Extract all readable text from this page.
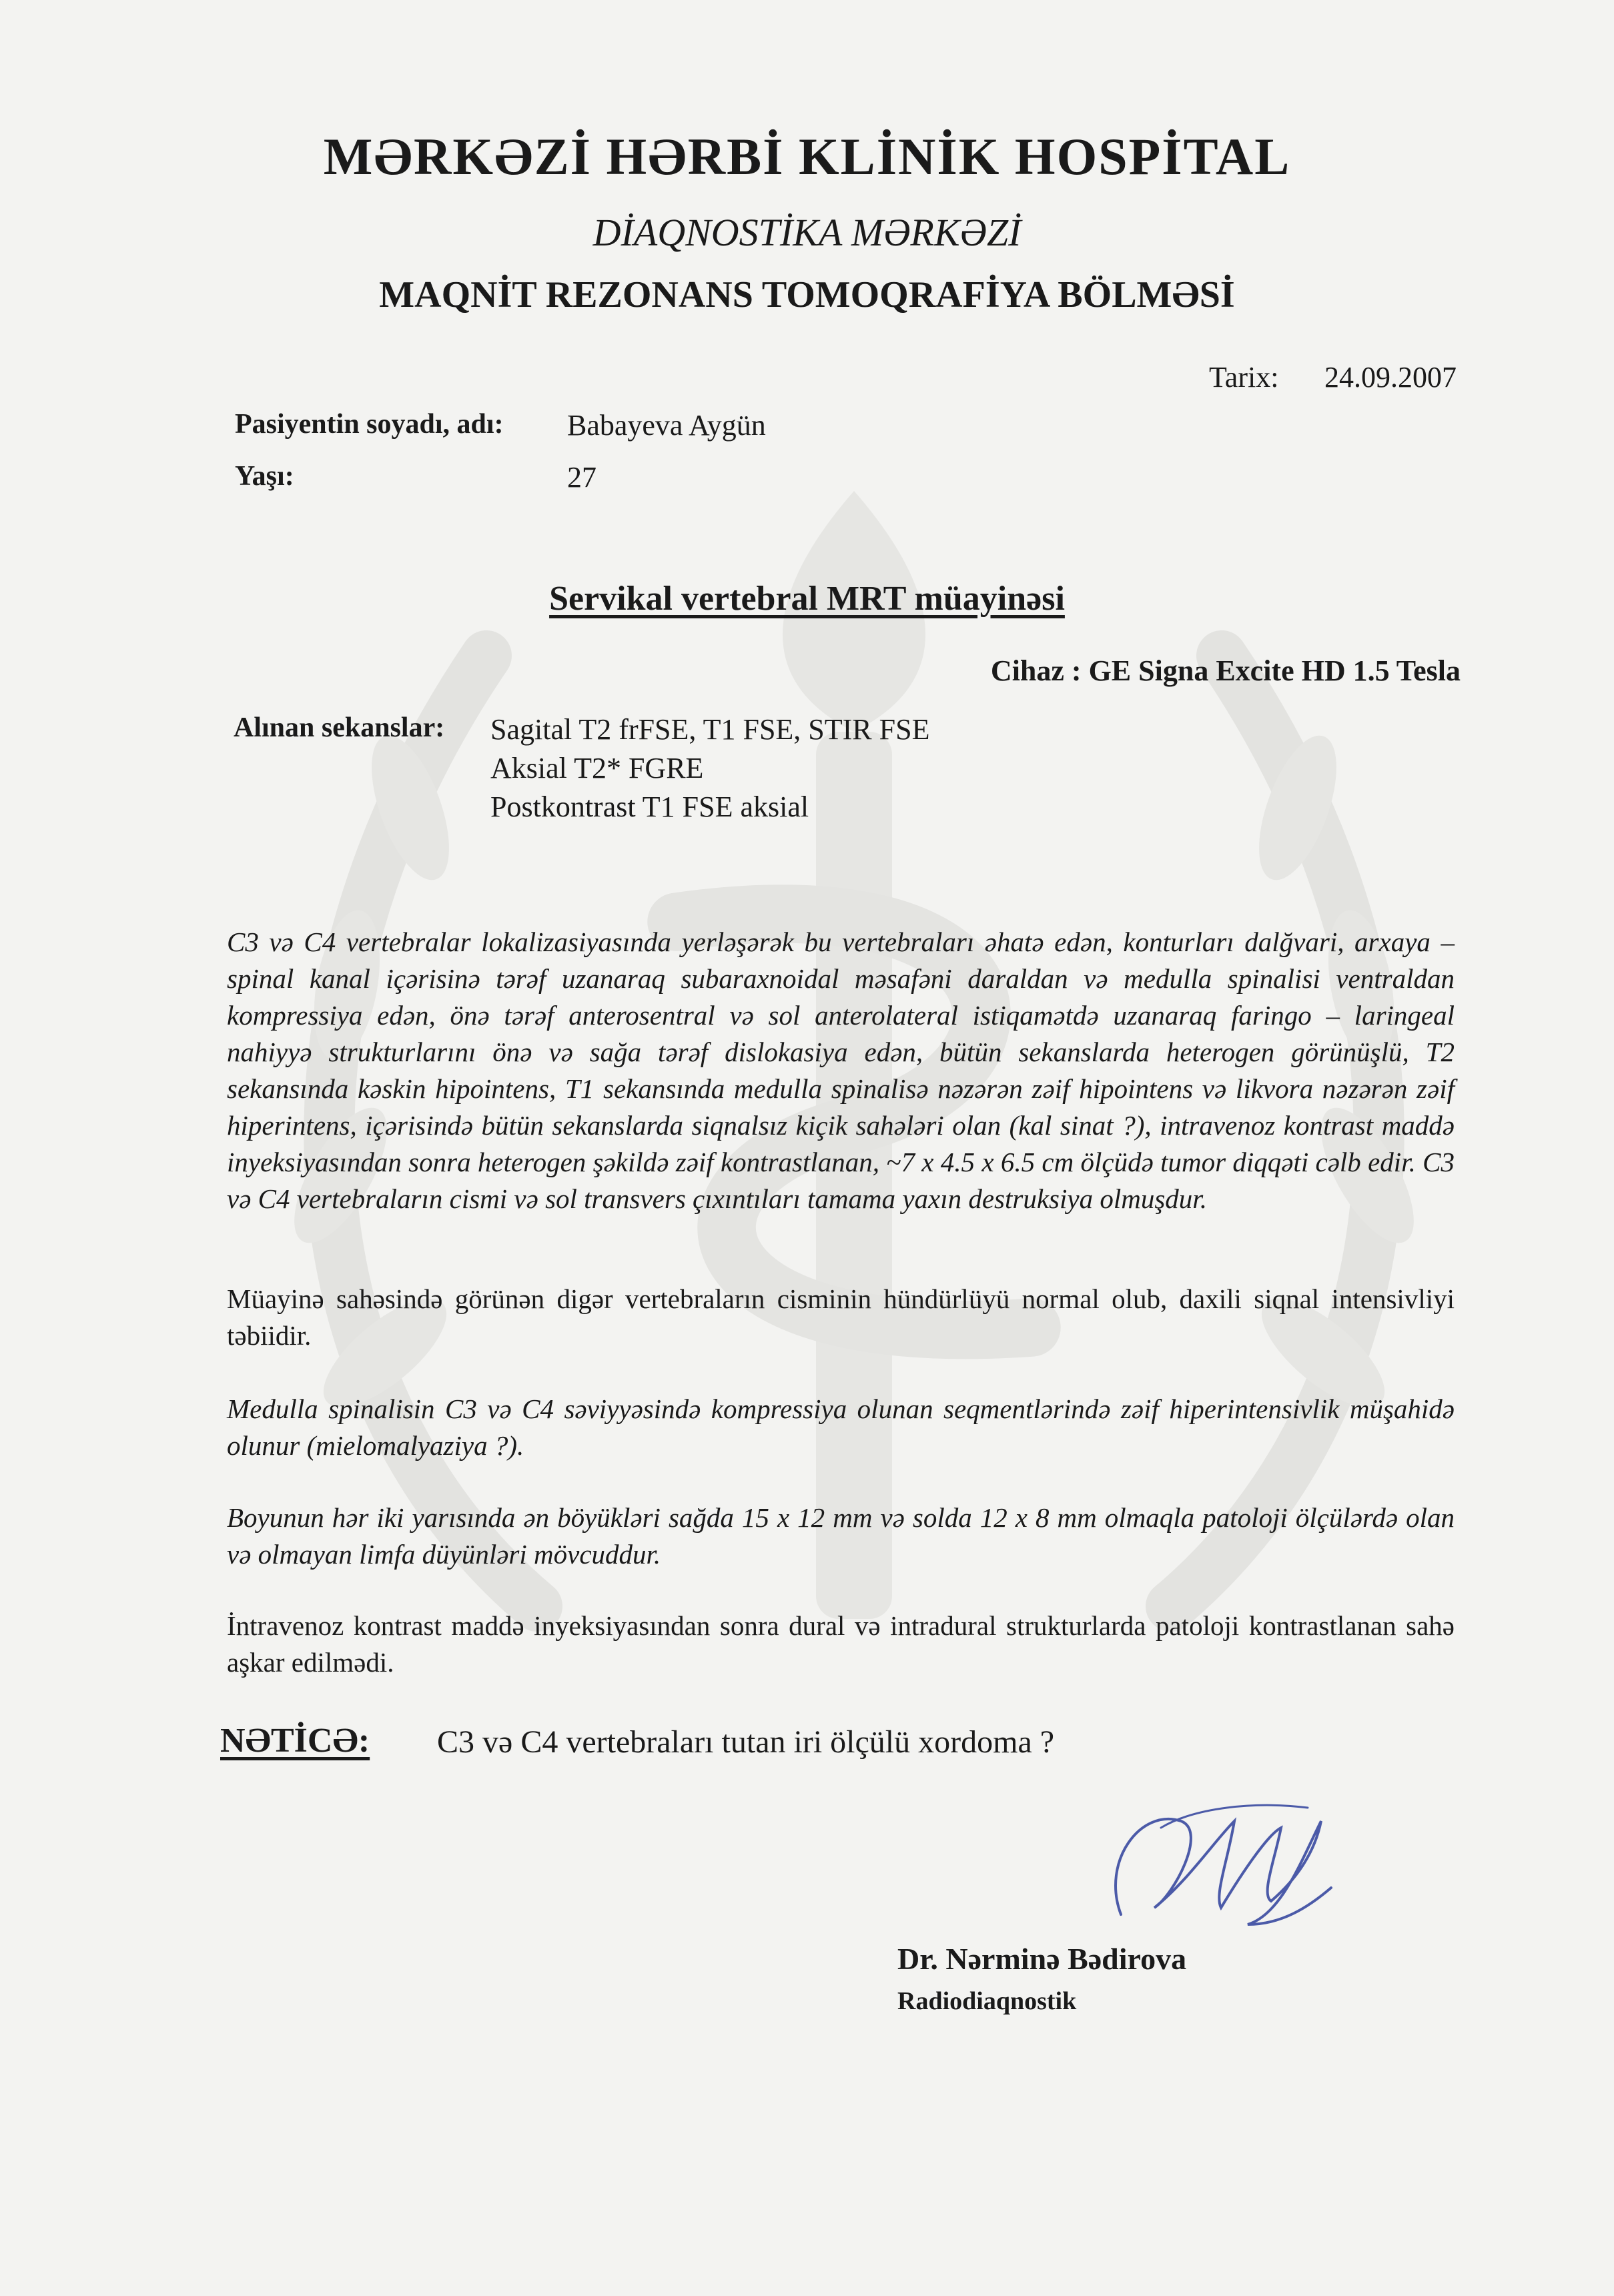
MƏRKƏZİ HƏRBİ KLİNİK HOSPİTAL
DİAQNOSTİKA MƏRKƏZİ
MAQNİT REZONANS TOMOQRAFİYA BÖLMƏSİ
Tarix: 24.09.2007
Pasiyentin soyadı, adı: Babayeva Aygün
Yaşı:	27
Servikal vertebral MRT müayinəsi
Cihaz : GE Signa Excite HD 1.5 Tesla
Alınan sekanslar: Sagital T2 frFSE, T1 FSE, STIR FSE
Aksial T2* FGRE
Postkontrast T1 FSE aksial
C3 və C4 vertebralar lokalizasiyasında yerləşərək bu vertebraları əhatə edən, konturları dalğvari, arxaya – spinal kanal içərisinə tərəf uzanaraq subaraxnoidal məsafəni daraldan və medulla spinalisi ventraldan kompressiya edən, önə tərəf anterosentral və sol anterolateral istiqamətdə uzanaraq faringo – laringeal nahiyyə strukturlarını önə və sağa tərəf dislokasiya edən, bütün sekanslarda heterogen görünüşlü, T2 sekansında kəskin hipointens, T1 sekansında medulla spinalisə nəzərən zəif hipointens və likvora nəzərən zəif hiperintens, içərisində bütün sekanslarda siqnalsız kiçik sahələri olan (kal sinat ?), intravenoz kontrast maddə inyeksiyasından sonra heterogen şəkildə zəif kontrastlanan, ~7 x 4.5 x 6.5 cm ölçüdə tumor diqqəti cəlb edir. C3 və C4 vertebraların cismi və sol transvers çıxıntıları tamama yaxın destruksiya olmuşdur.
Müayinə sahəsində görünən digər vertebraların cisminin hündürlüyü normal olub, daxili siqnal intensivliyi təbiidir.
Medulla spinalisin C3 və C4 səviyyəsində kompressiya olunan seqmentlərində zəif hiperintensivlik müşahidə olunur (mielomalyaziya ?).
Boyunun hər iki yarısında ən böyükləri sağda 15 x 12 mm və solda 12 x 8 mm olmaqla patoloji ölçülərdə olan və olmayan limfa düyünləri mövcuddur.
İntravenoz kontrast maddə inyeksiyasından sonra dural və intradural strukturlarda patoloji kontrastlanan sahə aşkar edilmədi.
NƏTİCƏ: C3 və C4 vertebraları tutan iri ölçülü xordoma ?
Dr. Nərminə Bədirova
Radiodiaqnostik
